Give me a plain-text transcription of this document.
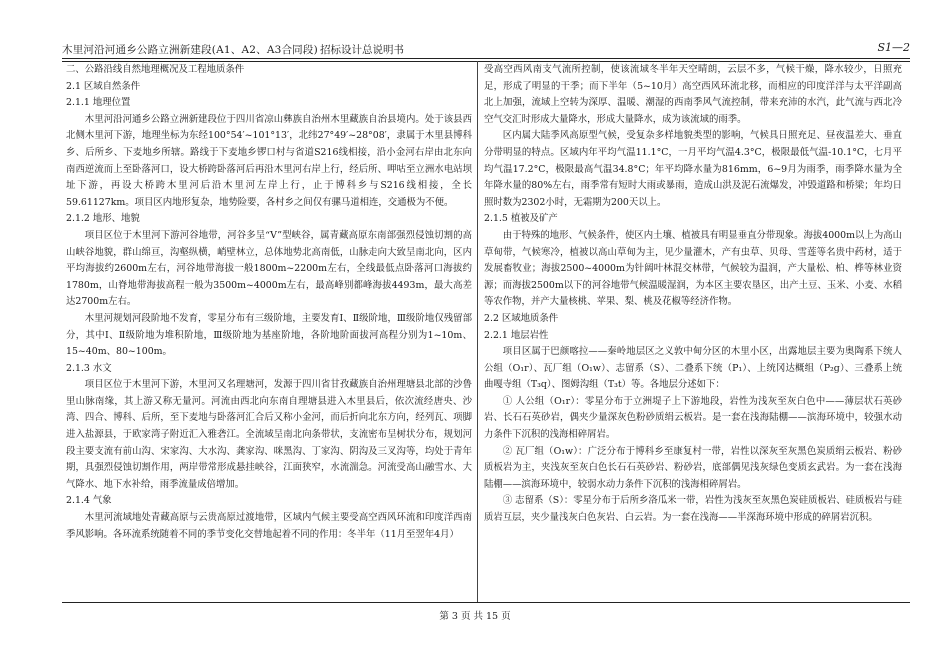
木里河沿河通乡公路立洲新建段(A1、A2、A3合同段) 招标设计总说明书	S1—2

二、公路沿线自然地理概况及工程地质条件

2.1 区域自然条件

2.1.1 地理位置

木里河沿河通乡公路立洲新建段位于四川省凉山彝族自治州木里藏族自治县境内。处于该县西北侧木里河下游，地理坐标为东经100°54′~101°13′，北纬27°49′~28°08′，隶属于木里县博科乡、后所乡、下麦地乡所辖。路线于下麦地乡锣口村与省道S216线相接，沿小金河右岸由北东向南西逆流而上至卧落河口，设大桥跨卧落河后再沿木里河右岸上行，经后所、呷咕至立洲水电站坝址下游，再设大桥跨木里河后沿木里河左岸上行，止于博科乡与S216线相接，全长59.61127km。项目区内地形复杂，地势险要，各村乡之间仅有骡马道相连，交通极为不便。

2.1.2 地形、地貌

项目区位于木里河下游河谷地带，河谷多呈“V”型峡谷，属青藏高原东南部强烈侵蚀切割的高山峡谷地貌，群山绵亘，沟壑纵横，峭壁林立，总体地势北高南低，山脉走向大致呈南北向，区内平均海拔约2600m左右，河谷地带海拔一般1800m~2200m左右，全线最低点卧落河口海拔约1780m，山脊地带海拔高程一般为3500m~4000m左右，最高峰别都峰海拔4493m，最大高差达2700m左右。

木里河规划河段阶地不发育，零星分布有三级阶地，主要发育Ⅰ、Ⅱ级阶地，Ⅲ级阶地仅残留部分，其中Ⅰ、Ⅱ级阶地为堆积阶地，Ⅲ级阶地为基座阶地，各阶地阶面拔河高程分别为1~10m、15~40m、80~100m。

2.1.3 水文

项目区位于木里河下游，木里河又名理塘河，发源于四川省甘孜藏族自治州理塘县北部的沙鲁里山脉南缘，其上游又称无量河。河流由西北向东南自理塘县进入木里县后，依次流经唐央、沙湾、四合、博科、后所，至下麦地与卧落河汇合后又称小金河，而后折向北东方向，经列瓦、项脚进入盐源县，于欧家湾子附近汇入雅砻江。全流域呈南北向条带状，支流密布呈树状分布，规划河段主要支流有前山沟、宋家沟、大水沟、龚家沟、咪黑沟、丁家沟、阴沟及三叉沟等，均处于青年期，具强烈侵蚀切割作用，两岸带常形成悬挂峡谷，江面狭窄，水流湍急。河流受高山融雪水、大气降水、地下水补给，雨季流量成倍增加。

2.1.4 气象

木里河流域地处青藏高原与云贵高原过渡地带，区域内气候主要受高空西风环流和印度洋西南季风影响。各环流系统随着不同的季节变化交替地起着不同的作用：冬半年（11月至翌年4月）

受高空西风南支气流所控制，使该流域冬半年天空晴朗，云层不多，气候干燥，降水较少，日照充足，形成了明显的干季；而下半年（5~10月）高空西风环流北移，而相应的印度洋洋与太平洋副高北上加强，流域上空转为深厚、温暖、潮湿的西南季风气流控制，带来充沛的水汽，此气流与西北冷空气交汇时形成大量降水，形成大量降水，成为该流域的雨季。

区内属大陆季风高原型气候，受复杂多样地貌类型的影响，气候具日照充足、昼夜温差大、垂直分带明显的特点。区域内年平均气温11.1°C，一月平均气温4.3°C，极限最低气温-10.1°C，七月平均气温17.2°C，极限最高气温34.8°C；年平均降水量为816mm，6~9月为雨季，雨季降水量为全年降水量的80%左右，雨季常有短时大雨或暴雨，造成山洪及泥石流爆发，冲毁道路和桥梁；年均日照时数为2302小时，无霜期为200天以上。

2.1.5 植被及矿产

由于特殊的地形、气候条件，使区内土壤、植被具有明显垂直分带现象。海拔4000m以上为高山草甸带，气候寒冷，植被以高山草甸为主，见少量灌木，产有虫草、贝母、雪莲等名贵中药材，适于发展畜牧业；海拔2500~4000m为针阔叶林混交林带，气候较为温润，产大量松、柏、桦等林业资源；而海拔2500m以下的河谷地带气候温暖湿润，为本区主要农垦区，出产土豆、玉米、小麦、水稻等农作物，并产大量核桃、苹果、梨、桃及花椒等经济作物。

2.2 区域地质条件

2.2.1 地层岩性

项目区属于巴颜喀拉——秦岭地层区之义敦中甸分区的木里小区，出露地层主要为奥陶系下统人公组（O₁r）、瓦厂组（O₁w）、志留系（S）、二叠系下统（P₁）、上统冈达概组（P₂g）、三叠系上统曲嘎寺组（T₃q）、图姆沟组（T₃t）等。各地层分述如下：

① 人公组（O₁r）：零星分布于立洲堤子上下游地段，岩性为浅灰至灰白色中——薄层状石英砂岩、长石石英砂岩，偶夹少量深灰色粉砂质绢云板岩。是一套在浅海陆棚——滨海环境中，较强水动力条件下沉积的浅海相碎屑岩。

② 瓦厂组（O₁w）：广泛分布于博科乡至康复村一带，岩性以深灰至灰黑色炭质绢云板岩、粉砂质板岩为主，夹浅灰至灰白色长石石英砂岩、粉砂岩，底部偶见浅灰绿色变质玄武岩。为一套在浅海陆棚——滨海环境中，较弱水动力条件下沉积的浅海相碎屑岩。

③ 志留系（S）：零星分布于后所乡洛瓜米一带，岩性为浅灰至灰黑色炭硅质板岩、硅质板岩与硅质岩互层，夹少量浅灰白色灰岩、白云岩。为一套在浅海——半深海环境中形成的碎屑岩沉积。

第 3 页 共 15 页
